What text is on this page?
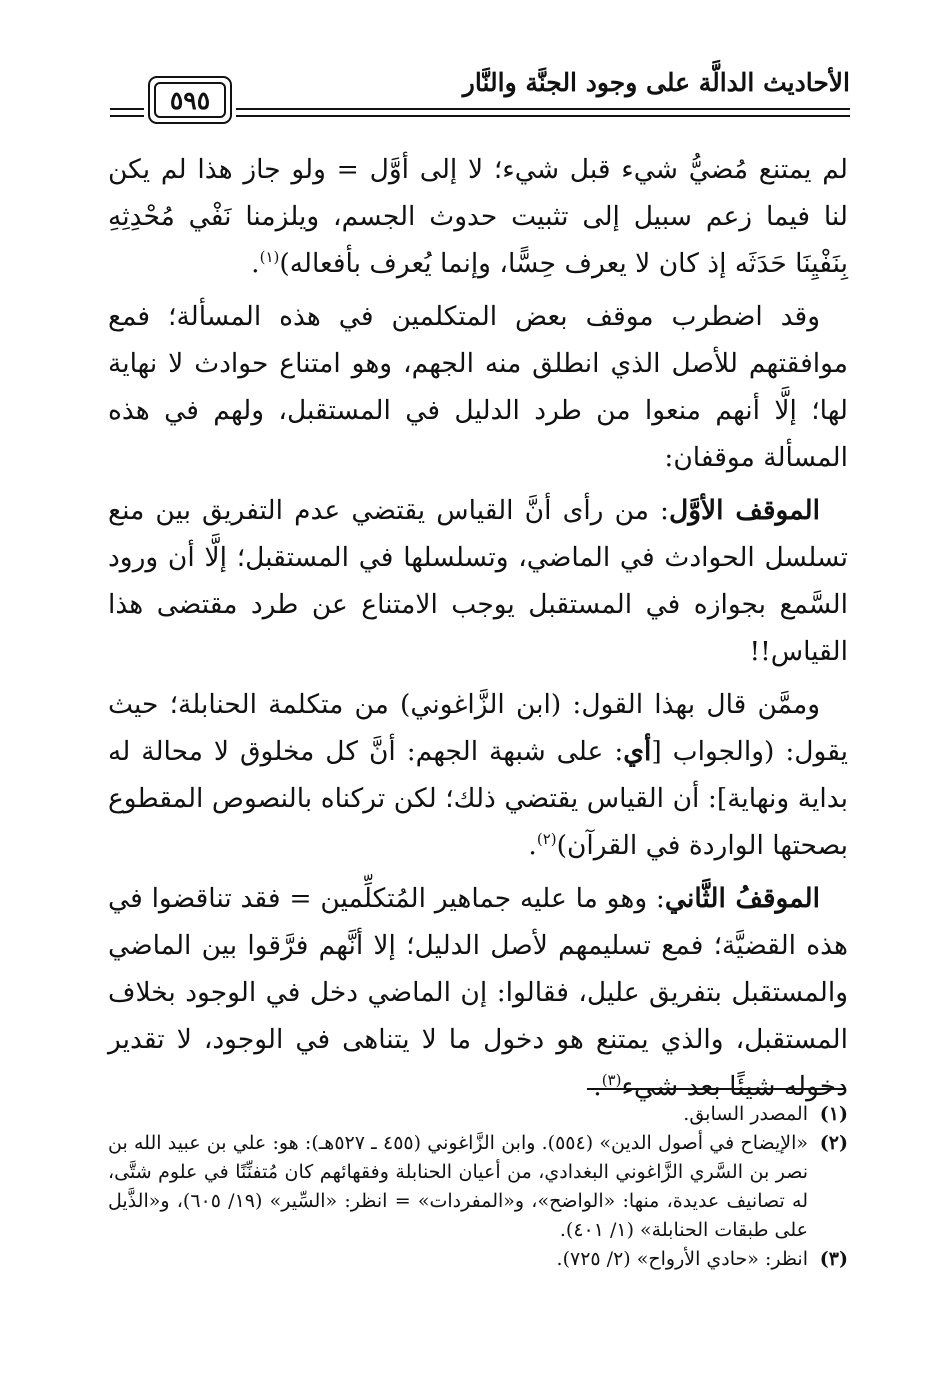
الأحاديث الدالَّة على وجود الجنَّة والنَّار
٥٩٥

لم يمتنع مُضيُّ شيء قبل شيء؛ لا إلى أوَّل = ولو جاز هذا لم يكن لنا فيما زعم سبيل إلى تثبيت حدوث الجسم، ويلزمنا نَفْي مُحْدِثِهِ بِنَفْيِنَا حَدَثَه إذ كان لا يعرف حِسًّا، وإنما يُعرف بأفعاله)$^{(١)}$.

وقد اضطرب موقف بعض المتكلمين في هذه المسألة؛ فمع موافقتهم للأصل الذي انطلق منه الجهم، وهو امتناع حوادث لا نهاية لها؛ إلَّا أنهم منعوا من طرد الدليل في المستقبل، ولهم في هذه المسألة موقفان:

الموقف الأوَّل: من رأى أنَّ القياس يقتضي عدم التفريق بين منع تسلسل الحوادث في الماضي، وتسلسلها في المستقبل؛ إلَّا أن ورود السَّمع بجوازه في المستقبل يوجب الامتناع عن طرد مقتضى هذا القياس!!

وممَّن قال بهذا القول: (ابن الزَّاغوني) من متكلمة الحنابلة؛ حيث يقول: (والجواب [أي: على شبهة الجهم: أنَّ كل مخلوق لا محالة له بداية ونهاية]: أن القياس يقتضي ذلك؛ لكن تركناه بالنصوص المقطوع بصحتها الواردة في القرآن)$^{(٢)}$.

الموقفُ الثَّاني: وهو ما عليه جماهير المُتكلِّمين = فقد تناقضوا في هذه القضيَّة؛ فمع تسليمهم لأصل الدليل؛ إلا أنَّهم فرَّقوا بين الماضي والمستقبل بتفريق عليل، فقالوا: إن الماضي دخل في الوجود بخلاف المستقبل، والذي يمتنع هو دخول ما لا يتناهى في الوجود، لا تقدير دخوله شيئًا بعد شيء$^{(٣)}$.

(١)
المصدر السابق.
(٢)
«الإيضاح في أصول الدين» (٥٥٤). وابن الزَّاغوني (٤٥٥ ـ ٥٢٧هـ): هو: علي بن عبيد الله بن نصر بن السَّري الزَّاغوني البغدادي، من أعيان الحنابلة وفقهائهم كان مُتفنِّنًا في علوم شتَّى، له تصانيف عديدة، منها: «الواضح»، و«المفردات» = انظر: «السِّير» (١٩/ ٦٠٥)، و«الذَّيل على طبقات الحنابلة» (١/ ٤٠١).
(٣)
انظر: «حادي الأرواح» (٢/ ٧٢٥).
